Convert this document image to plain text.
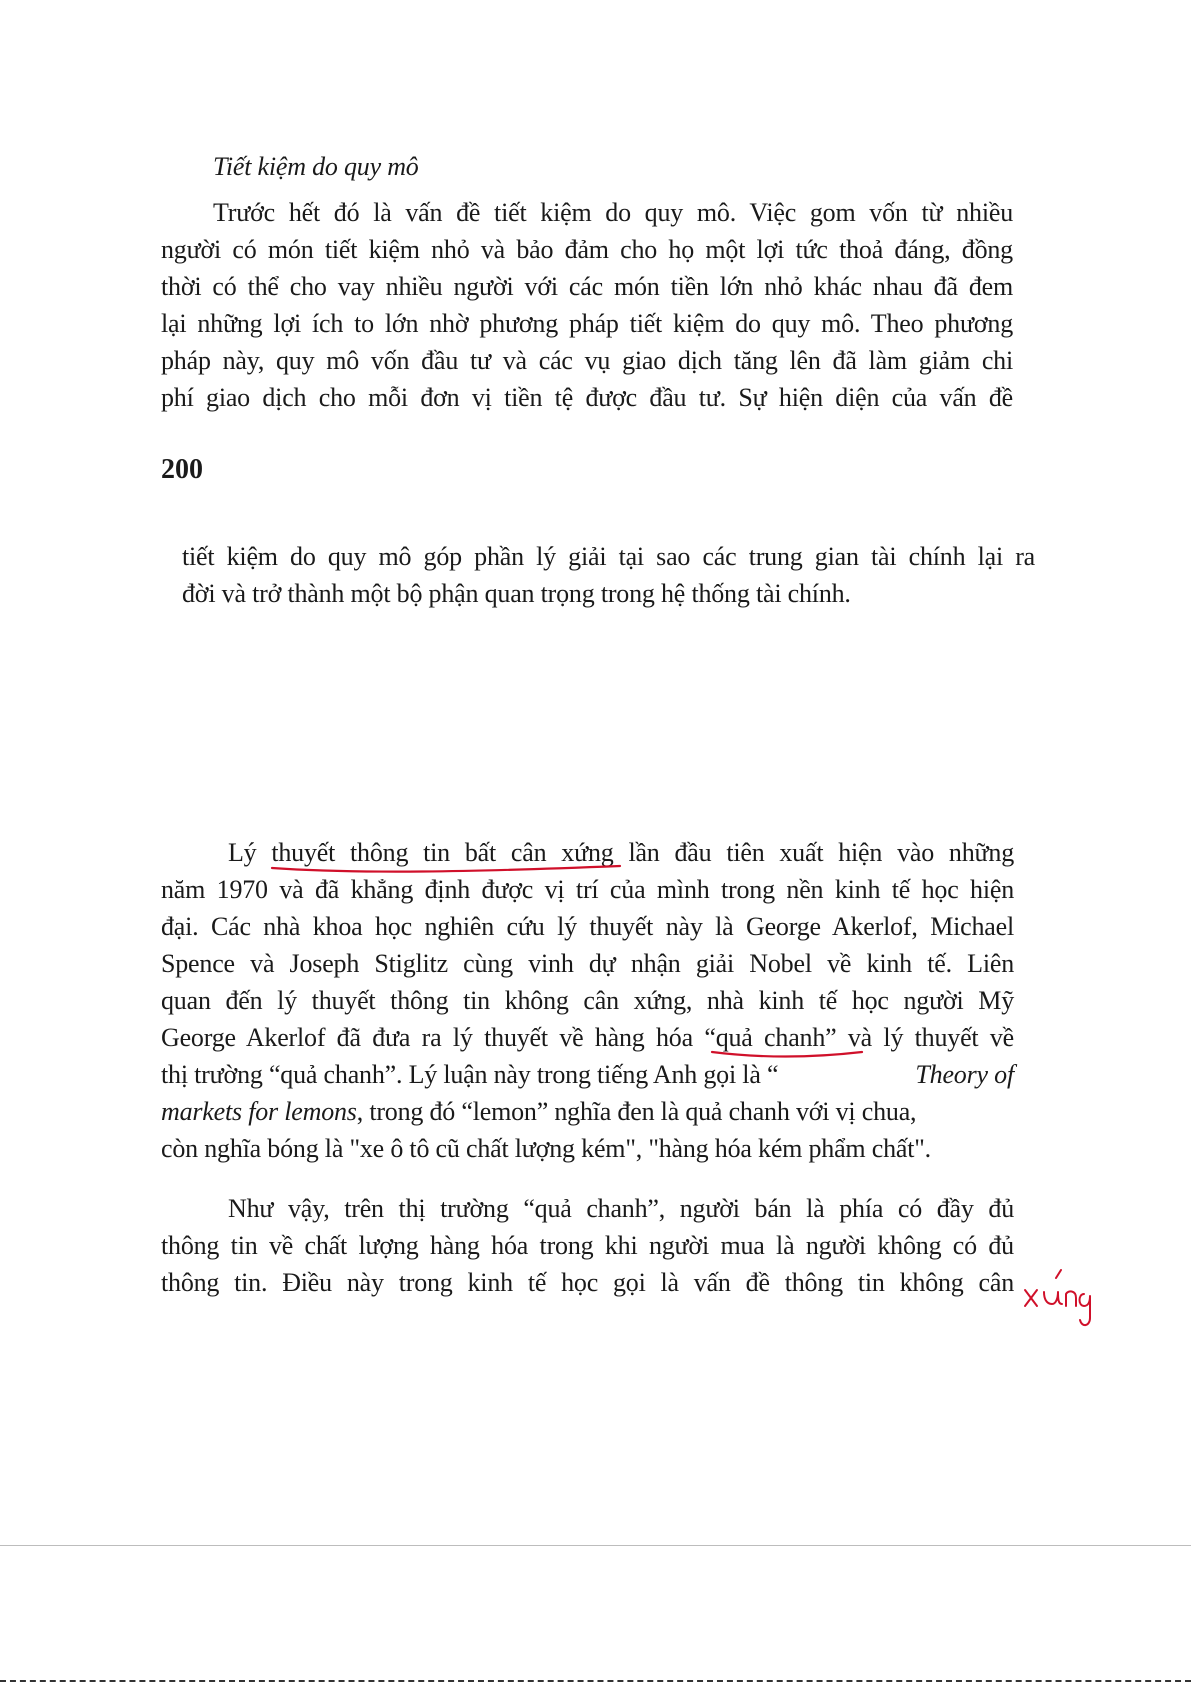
Tiết kiệm do quy mô
Trước hết đó là vấn đề tiết kiệm do quy mô. Việc gom vốn từ nhiều
người có món tiết kiệm nhỏ và bảo đảm cho họ một lợi tức thoả đáng, đồng
thời có thể cho vay nhiều người với các món tiền lớn nhỏ khác nhau đã đem
lại những lợi ích to lớn nhờ phương pháp tiết kiệm do quy mô. Theo phương
pháp này, quy mô vốn đầu tư và các vụ giao dịch tăng lên đã làm giảm chi
phí giao dịch cho mỗi đơn vị tiền tệ được đầu tư. Sự hiện diện của vấn đề
200
tiết kiệm do quy mô góp phần lý giải tại sao các trung gian tài chính lại ra
đời và trở thành một bộ phận quan trọng trong hệ thống tài chính.
Lý thuyết thông tin bất cân xứng lần đầu tiên xuất hiện vào những
năm 1970 và đã khẳng định được vị trí của mình trong nền kinh tế học hiện
đại. Các nhà khoa học nghiên cứu lý thuyết này là George Akerlof, Michael
Spence và Joseph Stiglitz cùng vinh dự nhận giải Nobel về kinh tế. Liên
quan đến lý thuyết thông tin không cân xứng, nhà kinh tế học người Mỹ
George Akerlof đã đưa ra lý thuyết về hàng hóa “quả chanh” và lý thuyết về
thị trường “quả chanh”. Lý luận này trong tiếng Anh gọi là “	Theory of
markets for lemons , trong đó “lemon” nghĩa đen là quả chanh với vị chua,
còn nghĩa bóng là "xe ô tô cũ chất lượng kém", "hàng hóa kém phẩm chất".
Như vậy, trên thị trường “quả chanh”, người bán là phía có đầy đủ
thông tin về chất lượng hàng hóa trong khi người mua là người không có đủ
thông tin. Điều này trong kinh tế học gọi là vấn đề thông tin không cân
xứng
